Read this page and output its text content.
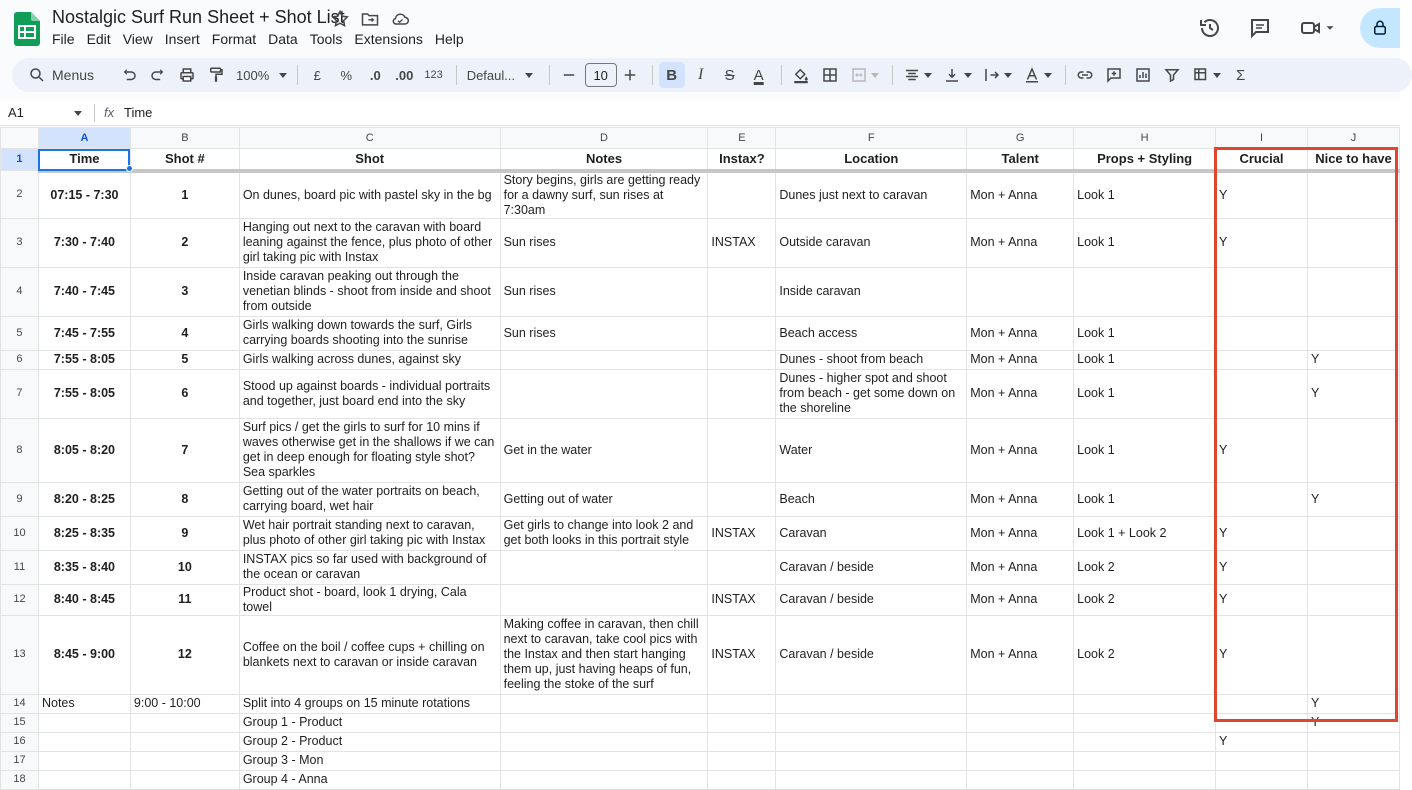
Nostalgic Surf Run Sheet + Shot List
File Edit View Insert Format Data Tools Extensions Help
Menus	100%	£	%	.0	.00	123	Defaul...	10	B	I	S	A	Σ
A1	fx Time
	A	B	C	D	E	F	G	H	I	J
1	Time	Shot #	Shot	Notes	Instax?	Location	Talent	Props + Styling	Crucial	Nice to have
2	07:15 - 7:30	1	On dunes, board pic with pastel sky in the bg	Story begins, girls are getting ready for a dawny surf, sun rises at 7:30am		Dunes just next to caravan	Mon + Anna	Look 1	Y	
3	7:30 - 7:40	2	Hanging out next to the caravan with board leaning against the fence, plus photo of other girl taking pic with Instax	Sun rises	INSTAX	Outside caravan	Mon + Anna	Look 1	Y	
4	7:40 - 7:45	3	Inside caravan peaking out through the venetian blinds - shoot from inside and shoot from outside	Sun rises		Inside caravan				
5	7:45 - 7:55	4	Girls walking down towards the surf, Girls carrying boards shooting into the sunrise	Sun rises		Beach access	Mon + Anna	Look 1		
6	7:55 - 8:05	5	Girls walking across dunes, against sky			Dunes - shoot from beach	Mon + Anna	Look 1		Y
7	7:55 - 8:05	6	Stood up against boards - individual portraits and together, just board end into the sky			Dunes - higher spot and shoot from beach - get some down on the shoreline	Mon + Anna	Look 1		Y
8	8:05 - 8:20	7	Surf pics / get the girls to surf for 10 mins if waves otherwise get in the shallows if we can get in deep enough for floating style shot? Sea sparkles	Get in the water		Water	Mon + Anna	Look 1	Y	
9	8:20 - 8:25	8	Getting out of the water portraits on beach, carrying board, wet hair	Getting out of water		Beach	Mon + Anna	Look 1		Y
10	8:25 - 8:35	9	Wet hair portrait standing next to caravan, plus photo of other girl taking pic with Instax	Get girls to change into look 2 and get both looks in this portrait style	INSTAX	Caravan	Mon + Anna	Look 1 + Look 2	Y	
11	8:35 - 8:40	10	INSTAX pics so far used with background of the ocean or caravan			Caravan / beside	Mon + Anna	Look 2	Y	
12	8:40 - 8:45	11	Product shot - board, look 1 drying, Cala towel		INSTAX	Caravan / beside	Mon + Anna	Look 2	Y	
13	8:45 - 9:00	12	Coffee on the boil / coffee cups + chilling on blankets next to caravan or inside caravan	Making coffee in caravan, then chill next to caravan, take cool pics with the Instax and then start hanging them up, just having heaps of fun, feeling the stoke of the surf	INSTAX	Caravan / beside	Mon + Anna	Look 2	Y	
14	Notes	9:00 - 10:00	Split into 4 groups on 15 minute rotations							Y
15			Group 1 - Product							Y
16			Group 2 - Product						Y	
17			Group 3 - Mon							
18			Group 4 - Anna							
